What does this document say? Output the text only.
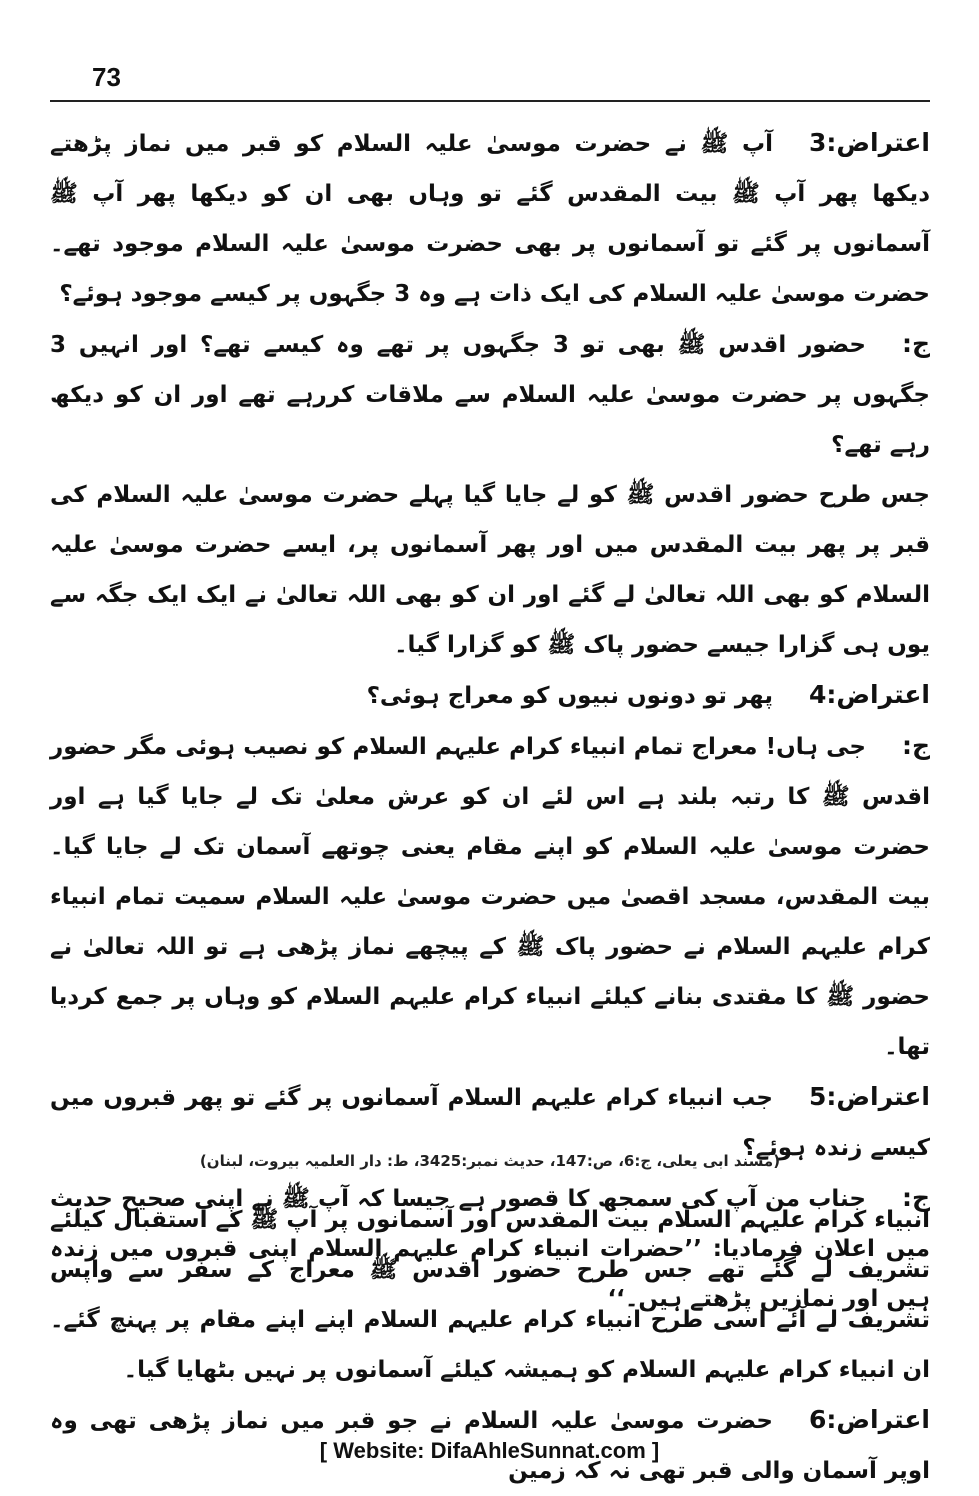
73
اعتراض:3آپ ﷺ نے حضرت موسیٰ علیہ السلام کو قبر میں نماز پڑھتے دیکھا پھر آپ ﷺ بیت المقدس گئے تو وہاں بھی ان کو دیکھا پھر آپ ﷺ آسمانوں پر گئے تو آسمانوں پر بھی حضرت موسیٰ علیہ السلام موجود تھے۔ حضرت موسیٰ علیہ السلام کی ایک ذات ہے وہ 3 جگہوں پر کیسے موجود ہوئے؟
ج:حضور اقدس ﷺ بھی تو 3 جگہوں پر تھے وہ کیسے تھے؟ اور انہیں 3 جگہوں پر حضرت موسیٰ علیہ السلام سے ملاقات کررہے تھے اور ان کو دیکھ رہے تھے؟
جس طرح حضور اقدس ﷺ کو لے جایا گیا پہلے حضرت موسیٰ علیہ السلام کی قبر پر پھر بیت المقدس میں اور پھر آسمانوں پر، ایسے حضرت موسیٰ علیہ السلام کو بھی اللہ تعالیٰ لے گئے اور ان کو بھی اللہ تعالیٰ نے ایک ایک جگہ سے یوں ہی گزارا جیسے حضور پاک ﷺ کو گزارا گیا۔
اعتراض:4پھر تو دونوں نبیوں کو معراج ہوئی؟
ج:جی ہاں! معراج تمام انبیاء کرام علیہم السلام کو نصیب ہوئی مگر حضور اقدس ﷺ کا رتبہ بلند ہے اس لئے ان کو عرش معلیٰ تک لے جایا گیا ہے اور حضرت موسیٰ علیہ السلام کو اپنے مقام یعنی چوتھے آسمان تک لے جایا گیا۔ بیت المقدس، مسجد اقصیٰ میں حضرت موسیٰ علیہ السلام سمیت تمام انبیاء کرام علیہم السلام نے حضور پاک ﷺ کے پیچھے نماز پڑھی ہے تو اللہ تعالیٰ نے حضور ﷺ کا مقتدی بنانے کیلئے انبیاء کرام علیہم السلام کو وہاں پر جمع کردیا تھا۔
اعتراض:5جب انبیاء کرام علیہم السلام آسمانوں پر گئے تو پھر قبروں میں کیسے زندہ ہوئے؟
ج:جناب من آپ کی سمجھ کا قصور ہے جیسا کہ آپ ﷺ نے اپنی صحیح حدیث میں اعلان فرمادیا: ’’حضرات انبیاء کرام علیہم السلام اپنی قبروں میں زندہ ہیں اور نمازیں پڑھتے ہیں۔‘‘
(مسند ابی یعلی، ج:6، ص:147، حدیث نمبر:3425، ط: دار العلمیہ بیروت، لبنان)
انبیاء کرام علیہم السلام بیت المقدس اور آسمانوں پر آپ ﷺ کے استقبال کیلئے تشریف لے گئے تھے جس طرح حضور اقدس ﷺ معراج کے سفر سے واپس تشریف لے آئے اسی طرح انبیاء کرام علیہم السلام اپنے اپنے مقام پر پہنچ گئے۔ ان انبیاء کرام علیہم السلام کو ہمیشہ کیلئے آسمانوں پر نہیں بٹھایا گیا۔
اعتراض:6حضرت موسیٰ علیہ السلام نے جو قبر میں نماز پڑھی تھی وہ اوپر آسمان والی قبر تھی نہ کہ زمین
[ Website: DifaAhleSunnat.com ]
